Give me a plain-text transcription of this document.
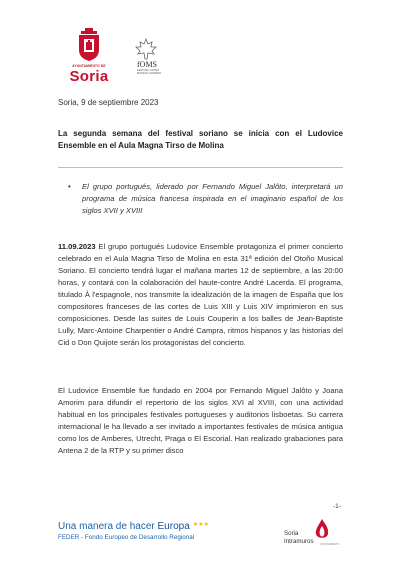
AYUNTAMIENTO DE
Soria
fOMS
FESTIVAL OTOÑO MUSICAL SORIANO
Soria, 9 de septiembre 2023
La segunda semana del festival soriano se inicia con el Ludovice Ensemble en el Aula Magna Tirso de Molina
•	El grupo portugués, liderado por Fernando Miguel Jalôto, interpretará un programa de música francesa inspirada en el imaginario español de los siglos XVII y XVIII

11.09.2023 El grupo portugués Ludovice Ensemble protagoniza el primer concierto celebrado en el Aula Magna Tirso de Molina en esta 31ª edición del Otoño Musical Soriano. El concierto tendrá lugar el mañana martes 12 de septiembre, a las 20:00 horas, y contará con la colaboración del haute-contre André Lacerda. El programa, titulado À l'espagnole, nos transmite la idealización de la imagen de España que los compositores franceses de las cortes de Luis XIII y Luis XIV imprimieron en sus composiciones. Desde las suites de Louis Couperin a los balles de Jean-Baptiste Lully, Marc-Antoine Charpentier o André Campra, ritmos hispanos y las historias del Cid o Don Quijote serán los protagonistas del concierto.

El Ludovice Ensemble fue fundado en 2004 por Fernando Miguel Jalôto y Joana Amorim para difundir el repertorio de los siglos XVI al XVIII, con una actividad habitual en los principales festivales portugueses y auditorios lisboetas. Su carrera internacional le ha llevado a ser invitado a importantes festivales de música antigua como los de Amberes, Utrecht, Praga o El Escorial. Han realizado grabaciones para Antena 2 de la RTP y su primer disco

-1-
Una manera de hacer Europa ★★★
FEDER - Fondo Europeo de Desarrollo Regional
Soria
Intramuros	AYUNTAMIENTO
